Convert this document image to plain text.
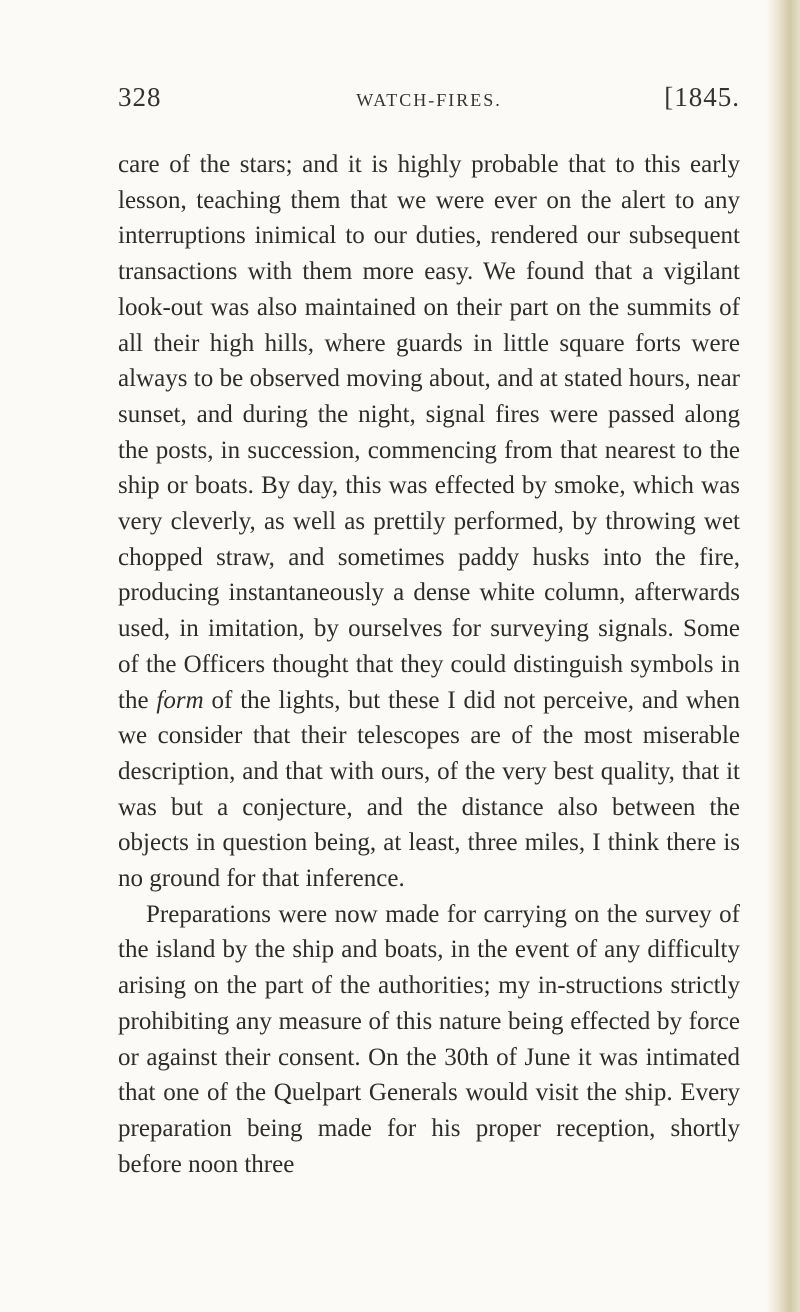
328	WATCH-FIRES.	[1845.

care of the stars; and it is highly probable that to this early lesson, teaching them that we were ever on the alert to any interruptions inimical to our duties, rendered our subsequent transactions with them more easy. We found that a vigilant look-out was also maintained on their part on the summits of all their high hills, where guards in little square forts were always to be observed moving about, and at stated hours, near sunset, and during the night, signal fires were passed along the posts, in succession, commencing from that nearest to the ship or boats. By day, this was effected by smoke, which was very cleverly, as well as prettily performed, by throwing wet chopped straw, and sometimes paddy husks into the fire, producing instantaneously a dense white column, afterwards used, in imitation, by ourselves for surveying signals. Some of the Officers thought that they could distinguish symbols in the form of the lights, but these I did not perceive, and when we consider that their telescopes are of the most miserable description, and that with ours, of the very best quality, that it was but a conjecture, and the distance also between the objects in question being, at least, three miles, I think there is no ground for that inference.

Preparations were now made for carrying on the survey of the island by the ship and boats, in the event of any difficulty arising on the part of the authorities; my in-structions strictly prohibiting any measure of this nature being effected by force or against their consent. On the 30th of June it was intimated that one of the Quelpart Generals would visit the ship. Every preparation being made for his proper reception, shortly before noon three
